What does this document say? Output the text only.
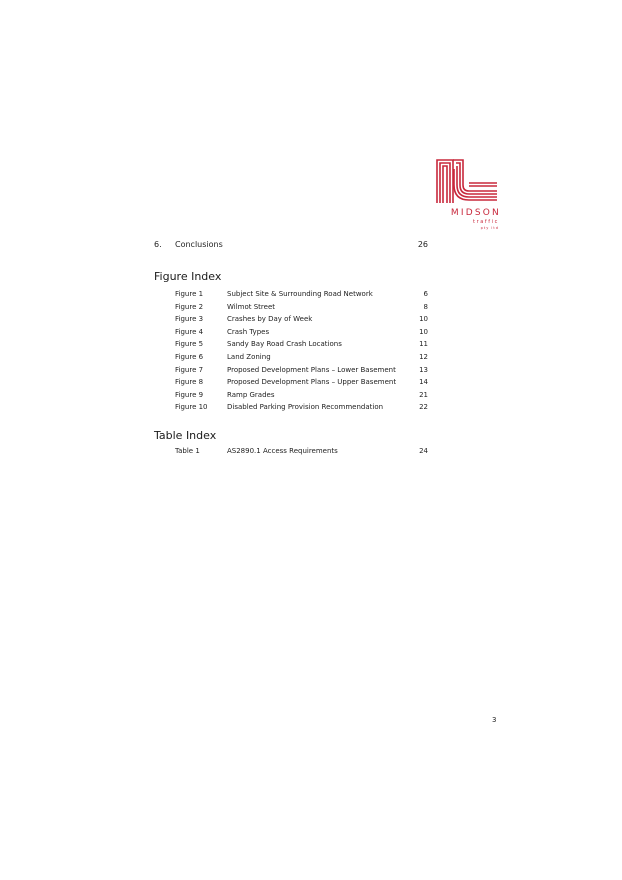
MIDSON
traffic
pty ltd
6. Conclusions	26
Figure Index
Figure 1	Subject Site & Surrounding Road Network	6
Figure 2	Wilmot Street	8
Figure 3	Crashes by Day of Week	10
Figure 4	Crash Types	10
Figure 5	Sandy Bay Road Crash Locations	11
Figure 6	Land Zoning	12
Figure 7	Proposed Development Plans – Lower Basement	13
Figure 8	Proposed Development Plans – Upper Basement	14
Figure 9	Ramp Grades	21
Figure 10	Disabled Parking Provision Recommendation	22
Table Index
Table 1	AS2890.1 Access Requirements	24
3
